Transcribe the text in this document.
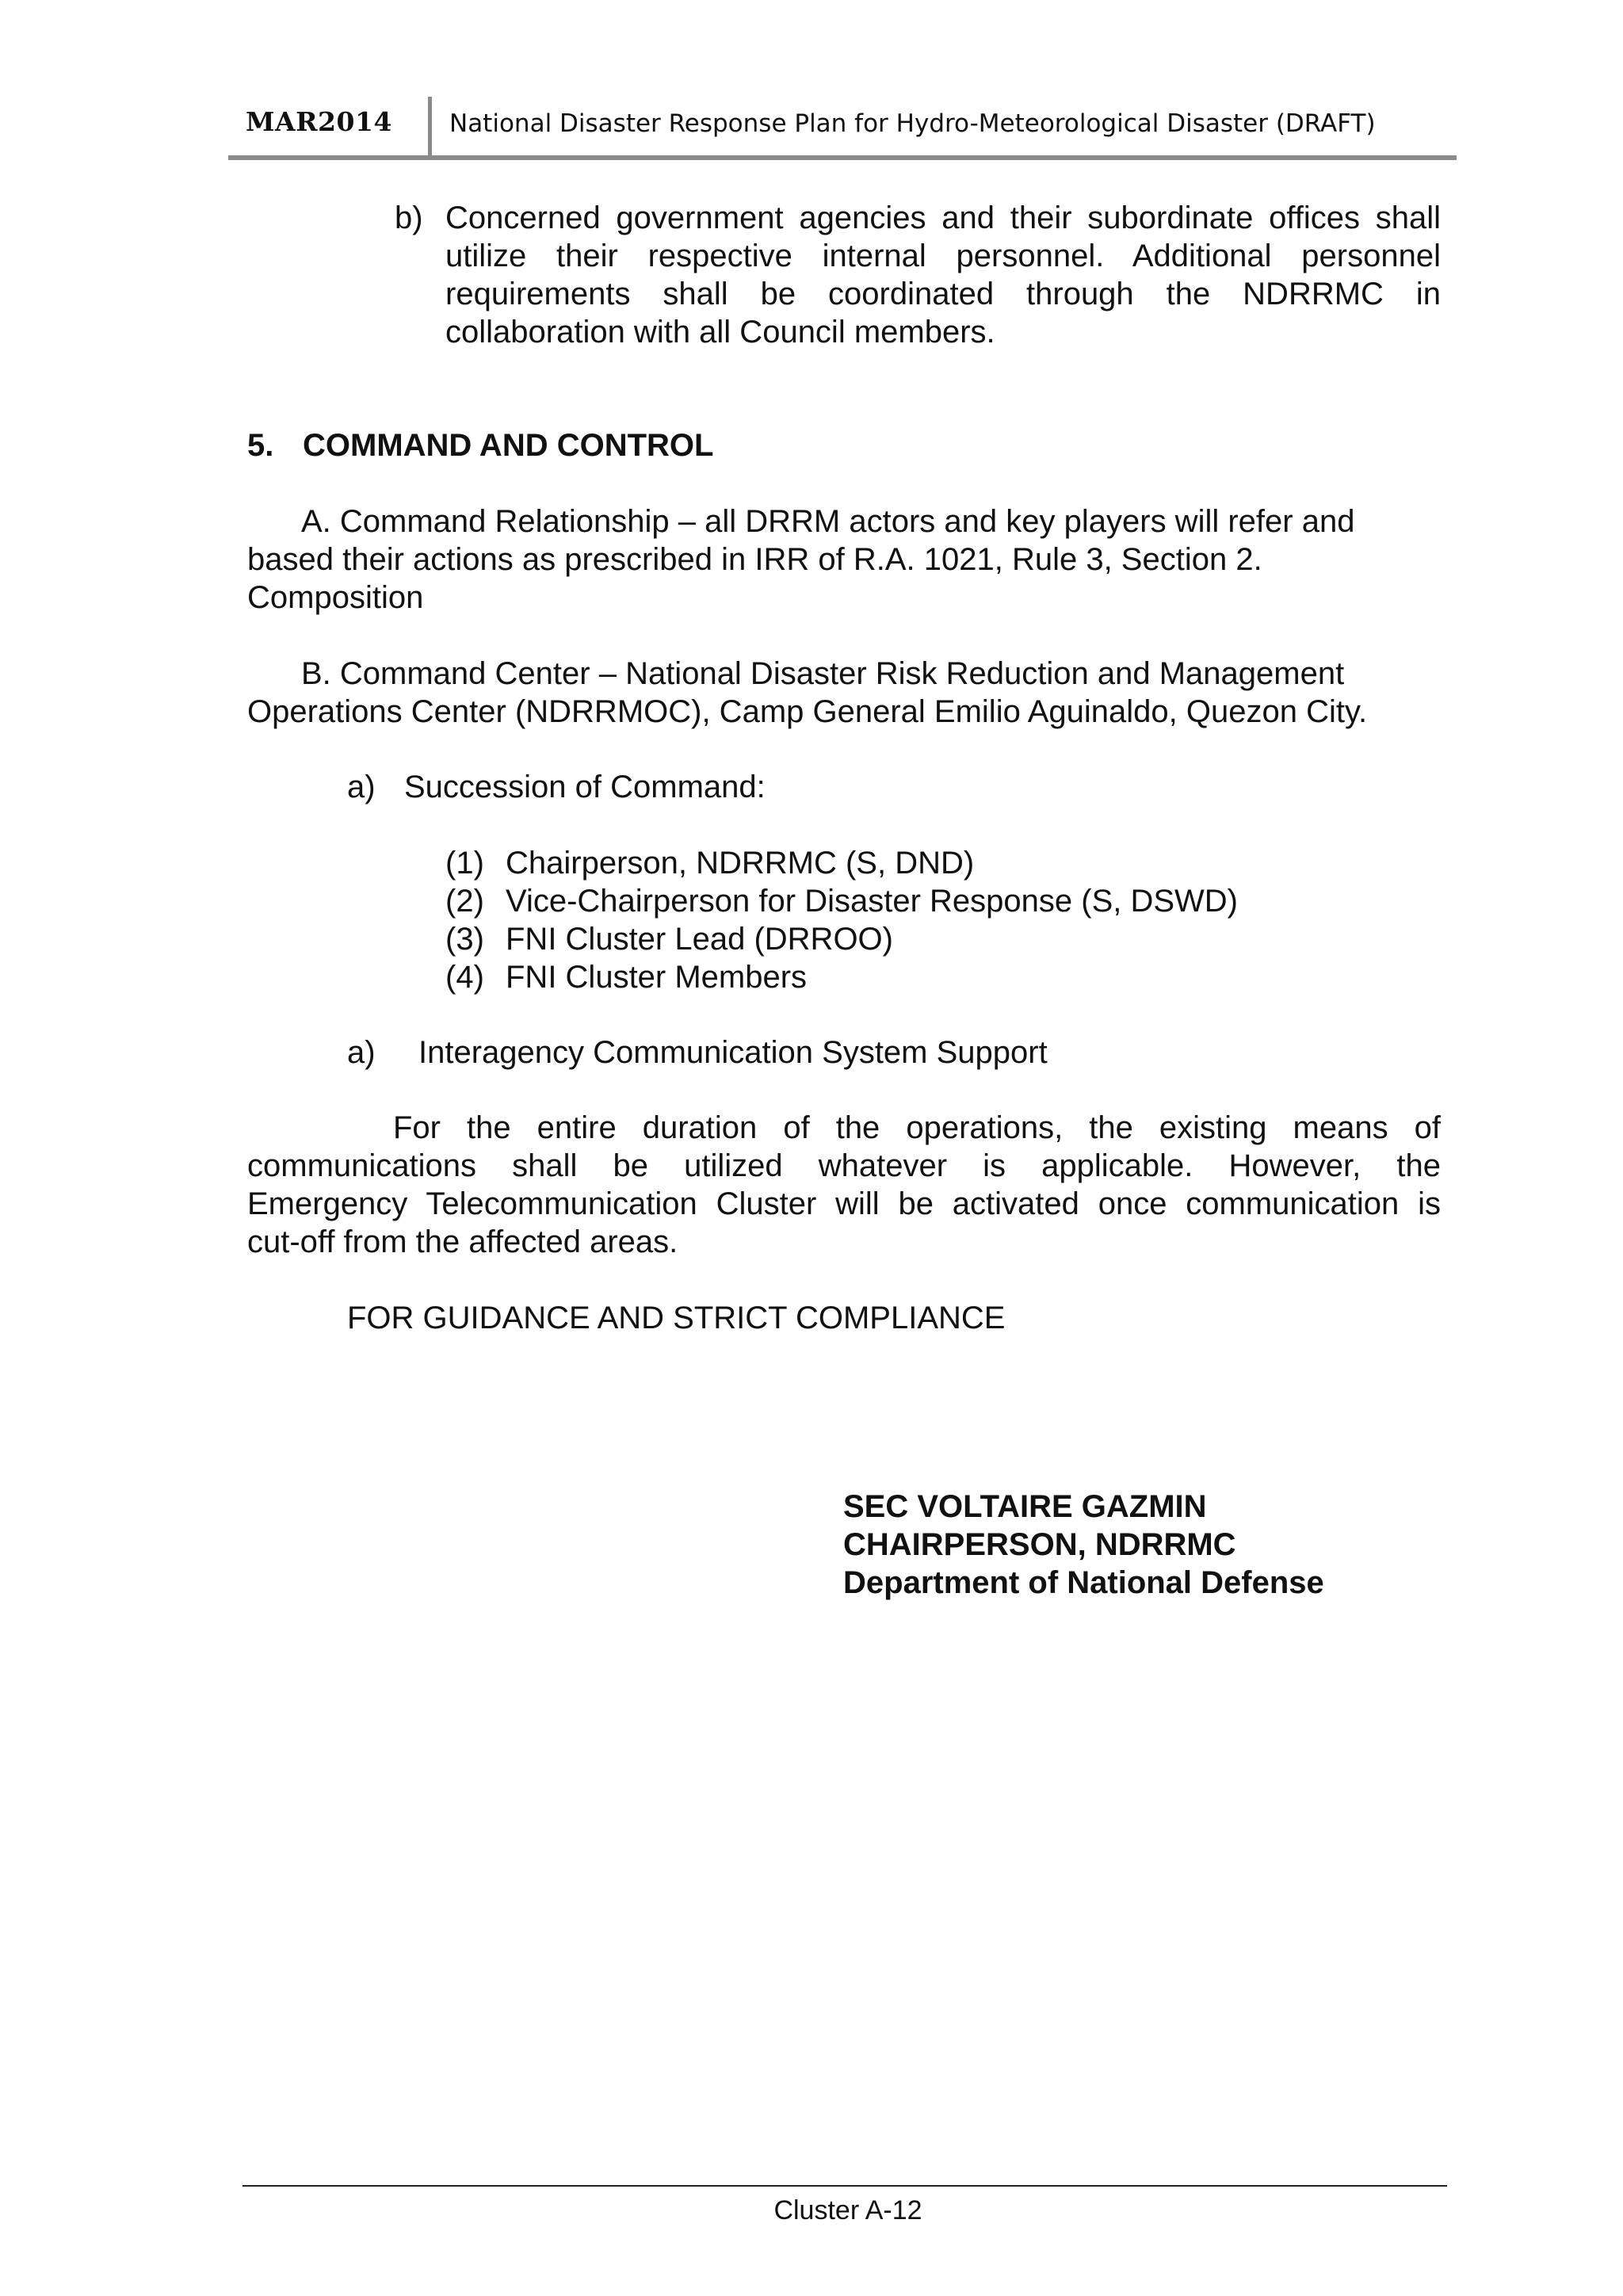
MAR2014 National Disaster Response Plan for Hydro-Meteorological Disaster (DRAFT)
b) Concerned government agencies and their subordinate offices shall
utilize their respective internal personnel. Additional personnel
requirements shall be coordinated through the NDRRMC in
collaboration with all Council members.
5. COMMAND AND CONTROL
A. Command Relationship – all DRRM actors and key players will refer and
based their actions as prescribed in IRR of R.A. 1021, Rule 3, Section 2.
Composition
B. Command Center – National Disaster Risk Reduction and Management
Operations Center (NDRRMOC), Camp General Emilio Aguinaldo, Quezon City.
a) Succession of Command:
(1) Chairperson, NDRRMC (S, DND)
(2) Vice-Chairperson for Disaster Response (S, DSWD)
(3) FNI Cluster Lead (DRROO)
(4) FNI Cluster Members
a) Interagency Communication System Support
For the entire duration of the operations, the existing means of
communications shall be utilized whatever is applicable. However, the
Emergency Telecommunication Cluster will be activated once communication is
cut-off from the affected areas.
FOR GUIDANCE AND STRICT COMPLIANCE
SEC VOLTAIRE GAZMIN
CHAIRPERSON, NDRRMC
Department of National Defense
Cluster A-12
